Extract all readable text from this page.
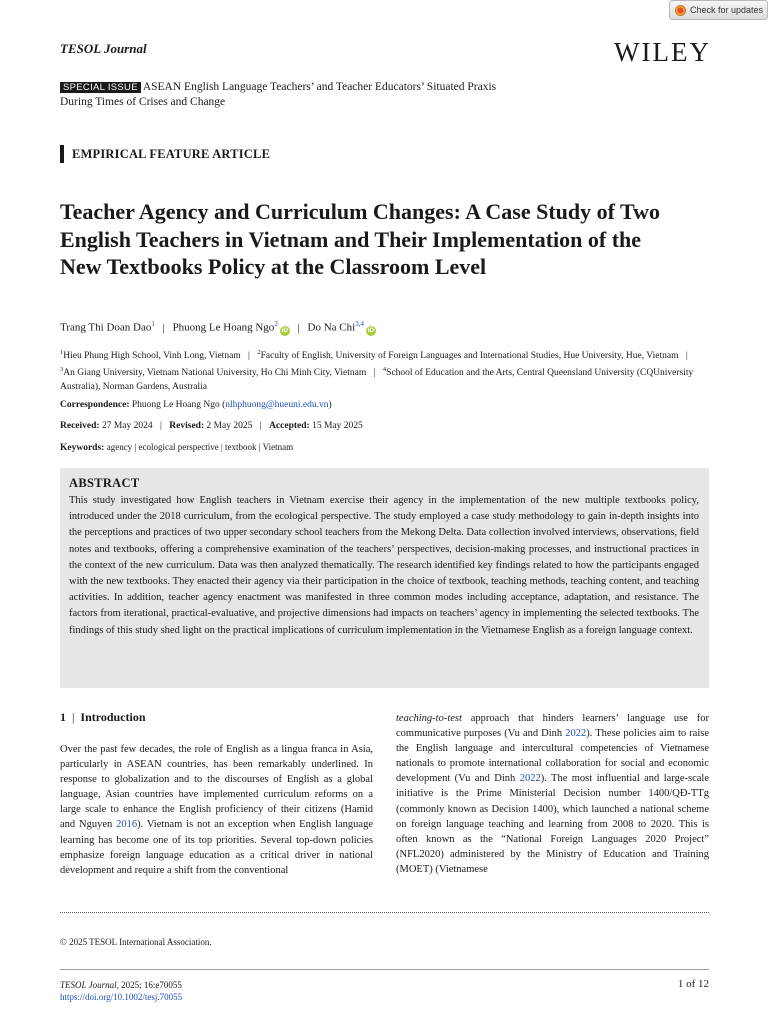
Check for updates
TESOL Journal	WILEY
SPECIAL ISSUE ASEAN English Language Teachers’ and Teacher Educators’ Situated Praxis During Times of Crises and Change
EMPIRICAL FEATURE ARTICLE
Teacher Agency and Curriculum Changes: A Case Study of Two English Teachers in Vietnam and Their Implementation of the New Textbooks Policy at the Classroom Level
Trang Thi Doan Dao$^1$ | Phuong Le Hoang Ngo$^2$iD | Do Na Chi$^{3,4}$iD
$^1$Hieu Phung High School, Vinh Long, Vietnam | $^2$Faculty of English, University of Foreign Languages and International Studies, Hue University, Hue, Vietnam | $^3$An Giang University, Vietnam National University, Ho Chi Minh City, Vietnam | $^4$School of Education and the Arts, Central Queensland University (CQUniversity Australia), Norman Gardens, Australia
Correspondence: Phuong Le Hoang Ngo (nlhphuong@hueuni.edu.vn)
Received: 27 May 2024 | Revised: 2 May 2025 | Accepted: 15 May 2025
Keywords: agency | ecological perspective | textbook | Vietnam
ABSTRACT

This study investigated how English teachers in Vietnam exercise their agency in the implementation of the new multiple textbooks policy, introduced under the 2018 curriculum, from the ecological perspective. The study employed a case study methodology to gain in-depth insights into the perceptions and practices of two upper secondary school teachers from the Mekong Delta. Data collection involved interviews, observations, field notes and textbooks, offering a comprehensive examination of the teachers’ perspectives, decision-making processes, and instructional practices in the context of the new curriculum. Data was then analyzed thematically. The research identified key findings related to how the participants engaged with the new textbooks. They enacted their agency via their participation in the choice of textbook, teaching methods, teaching content, and teaching activities. In addition, teacher agency enactment was manifested in three common modes including acceptance, adaptation, and resistance. The factors from iterational, practical-evaluative, and projective dimensions had impacts on teachers’ agency in implementing the selected textbooks. The findings of this study shed light on the practical implications of curriculum implementation in the Vietnamese English as a foreign language context.

1 | Introduction
Over the past few decades, the role of English as a lingua franca in Asia, particularly in ASEAN countries, has been remarkably underlined. In response to globalization and to the discourses of English as a global language, Asian countries have implemented curriculum reforms on a large scale to enhance the English proficiency of their citizens (Hamid and Nguyen 2016). Vietnam is not an exception when English language learning has become one of its top priorities. Several top-down policies emphasize foreign language education as a critical driver in national development and require a shift from the conventional
teaching-to-test approach that hinders learners’ language use for communicative purposes (Vu and Dinh 2022). These policies aim to raise the English language and intercultural competencies of Vietnamese nationals to promote international collaboration for social and economic development (Vu and Dinh 2022). The most influential and large-scale initiative is the Prime Ministerial Decision number 1400/QĐ-TTg (commonly known as Decision 1400), which launched a national scheme on foreign language teaching and learning from 2008 to 2020. This is often known as the “National Foreign Languages 2020 Project” (NFL2020) administered by the Ministry of Education and Training (MOET) (Vietnamese
© 2025 TESOL International Association.
TESOL Journal, 2025; 16:e70055
https://doi.org/10.1002/tesj.70055
1 of 12
